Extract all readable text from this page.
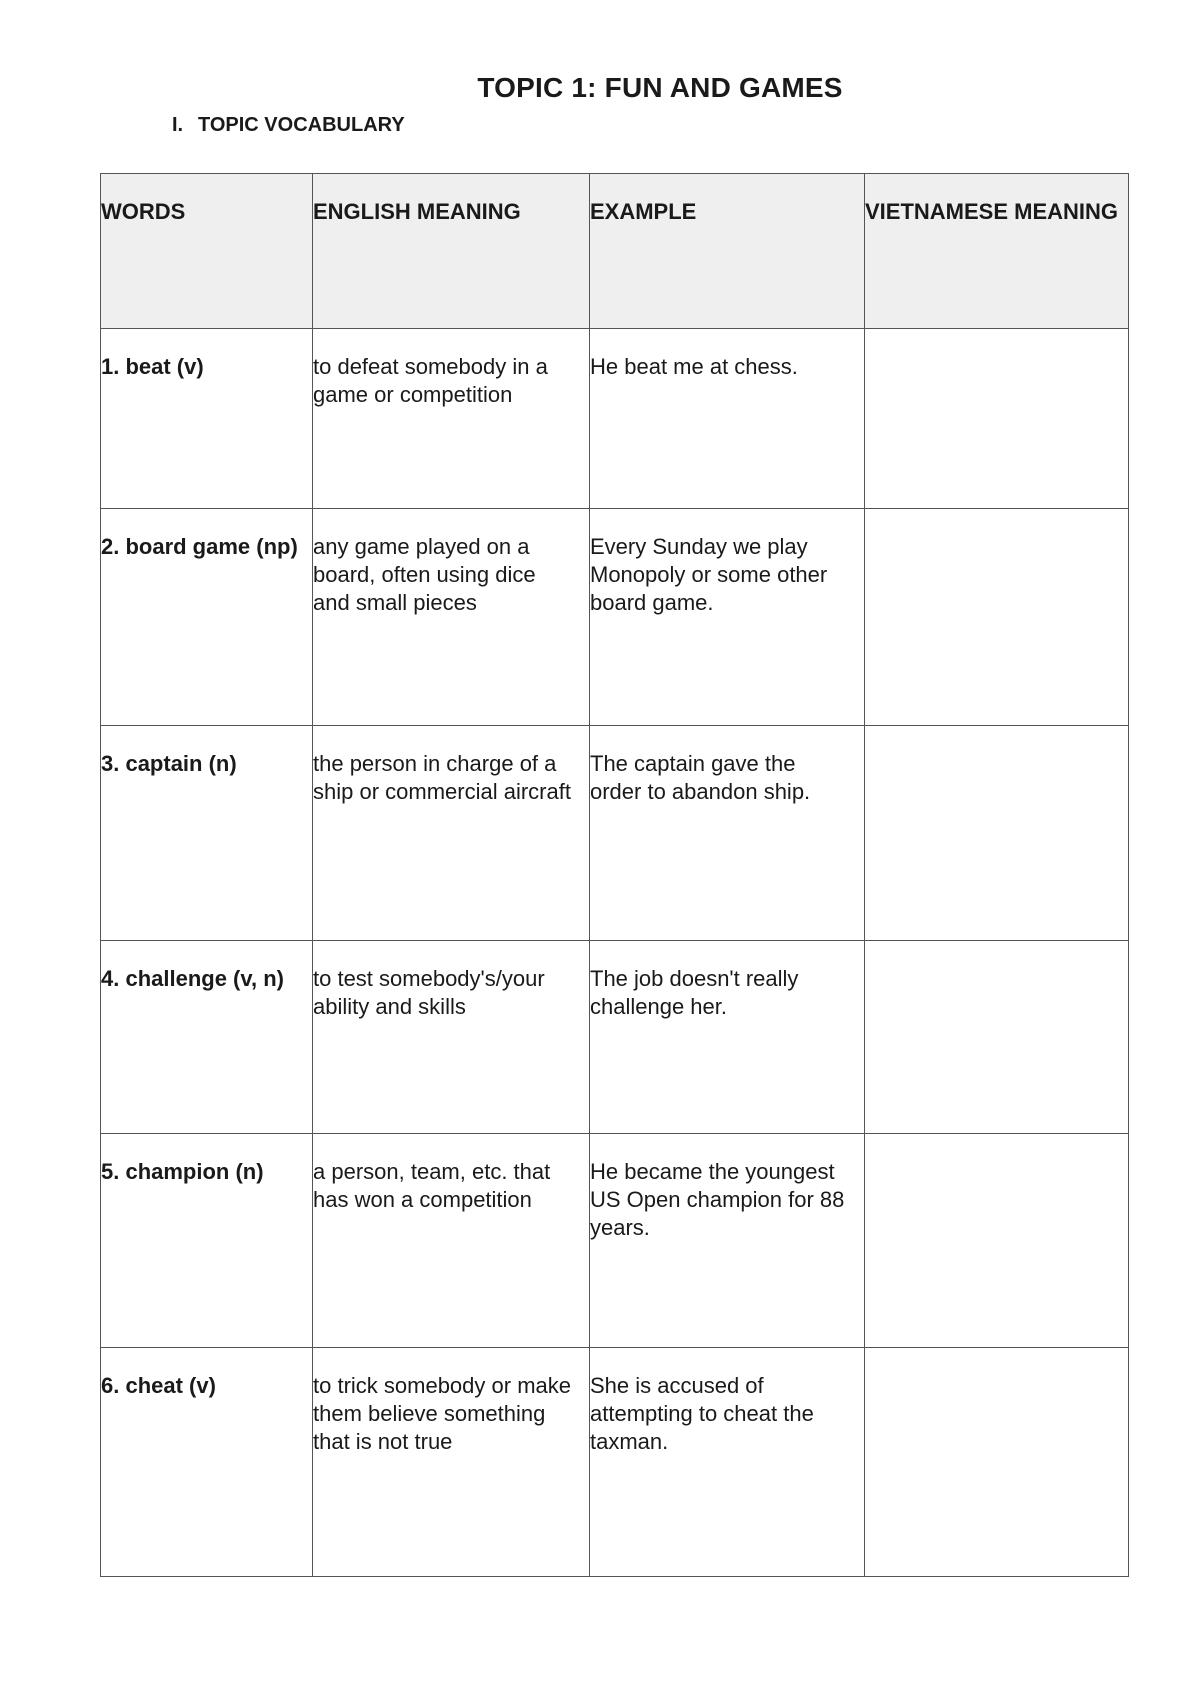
TOPIC 1: FUN AND GAMES
I. TOPIC VOCABULARY
WORDS	ENGLISH MEANING	EXAMPLE	VIETNAMESE MEANING
1. beat (v)	to defeat somebody in a game or competition	He beat me at chess.	
2. board game (np)	any game played on a board, often using dice and small pieces	Every Sunday we play Monopoly or some other board game.	
3. captain (n)	the person in charge of a ship or commercial aircraft	The captain gave the order to abandon ship.	
4. challenge (v, n)	to test somebody's/your ability and skills	The job doesn't really challenge her.	
5. champion (n)	a person, team, etc. that has won a competition	He became the youngest US Open champion for 88 years.	
6. cheat (v)	to trick somebody or make them believe something that is not true	She is accused of attempting to cheat the taxman.	
